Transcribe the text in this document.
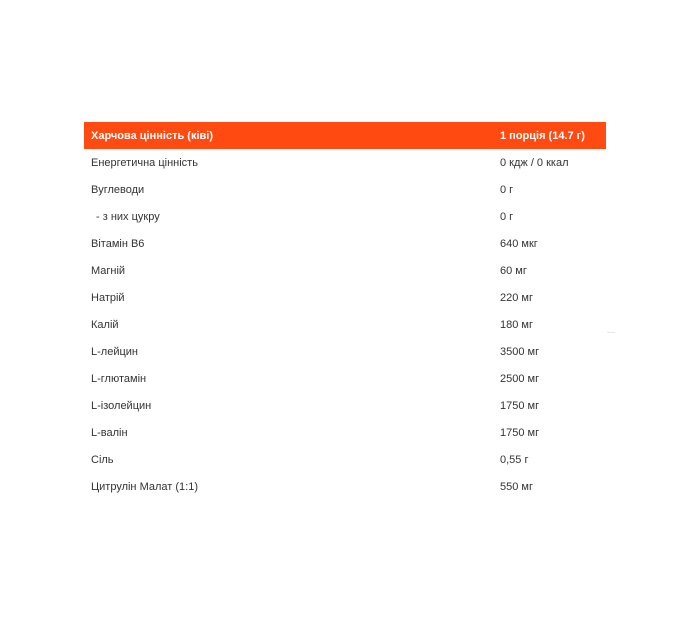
Харчова цінність (ківі)	1 порція (14.7 г)
Енергетична цінність	0 кдж / 0 ккал
Вуглеводи	0 г
- з них цукру	0 г
Вітамін B6	640 мкг
Магній	60 мг
Натрій	220 мг
Калій	180 мг
L-лейцин	3500 мг
L-глютамін	2500 мг
L-ізолейцин	1750 мг
L-валін	1750 мг
Сіль	0,55 г
Цитрулін Малат (1:1)	550 мг
